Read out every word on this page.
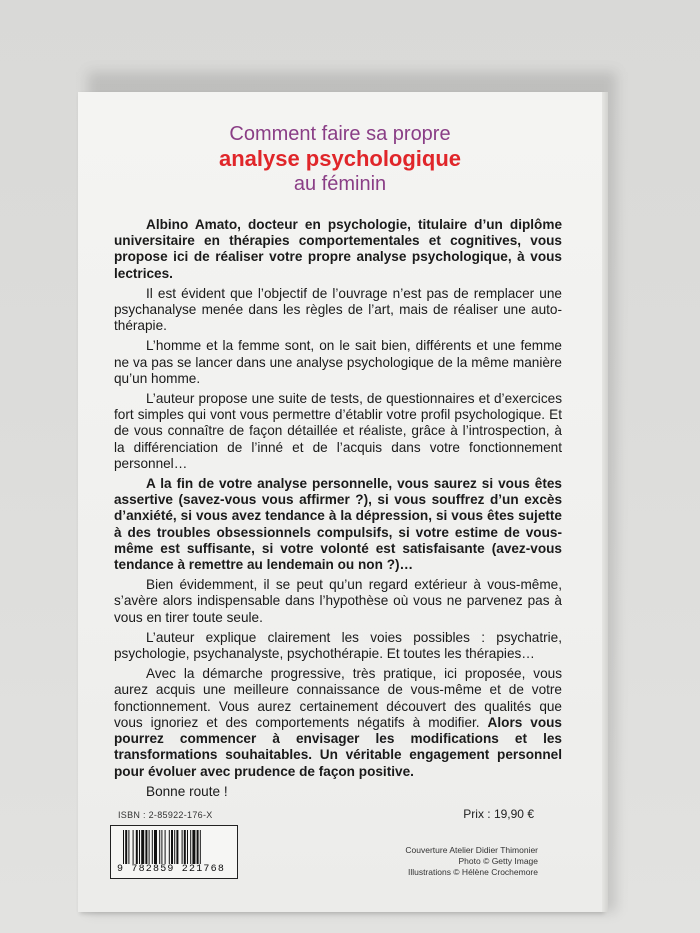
Comment faire sa propre
analyse psychologique
au féminin

Albino Amato, docteur en psychologie, titulaire d’un diplôme universitaire en thérapies comportementales et cognitives, vous propose ici de réaliser votre propre analyse psychologique, à vous lectrices.

Il est évident que l’objectif de l’ouvrage n’est pas de remplacer une psychanalyse menée dans les règles de l’art, mais de réaliser une auto-thérapie.

L’homme et la femme sont, on le sait bien, différents et une femme ne va pas se lancer dans une analyse psychologique de la même manière qu’un homme.

L’auteur propose une suite de tests, de questionnaires et d’exercices fort simples qui vont vous permettre d’établir votre profil psychologique. Et de vous connaître de façon détaillée et réaliste, grâce à l’introspection, à la différenciation de l’inné et de l’acquis dans votre fonctionnement personnel…

A la fin de votre analyse personnelle, vous saurez si vous êtes assertive (savez-vous vous affirmer ?), si vous souffrez d’un excès d’anxiété, si vous avez tendance à la dépression, si vous êtes sujette à des troubles obsessionnels compulsifs, si votre estime de vous-même est suffisante, si votre volonté est satisfaisante (avez-vous tendance à remettre au lendemain ou non ?)…

Bien évidemment, il se peut qu’un regard extérieur à vous-même, s’avère alors indispensable dans l’hypothèse où vous ne parvenez pas à vous en tirer toute seule.

L’auteur explique clairement les voies possibles : psychatrie, psychologie, psychanalyste, psychothérapie. Et toutes les thérapies…

Avec la démarche progressive, très pratique, ici proposée, vous aurez acquis une meilleure connaissance de vous-même et de votre fonctionnement. Vous aurez certainement découvert des qualités que vous ignoriez et des comportements négatifs à modifier. Alors vous pourrez commencer à envisager les modifications et les transformations souhaitables. Un véritable engagement personnel pour évoluer avec prudence de façon positive.

Bonne route !

ISBN : 2-85922-176-X
9 782859 221768
Prix : 19,90 €
Couverture Atelier Didier Thimonier
Photo © Getty Image
Illustrations © Hélène Crochemore
